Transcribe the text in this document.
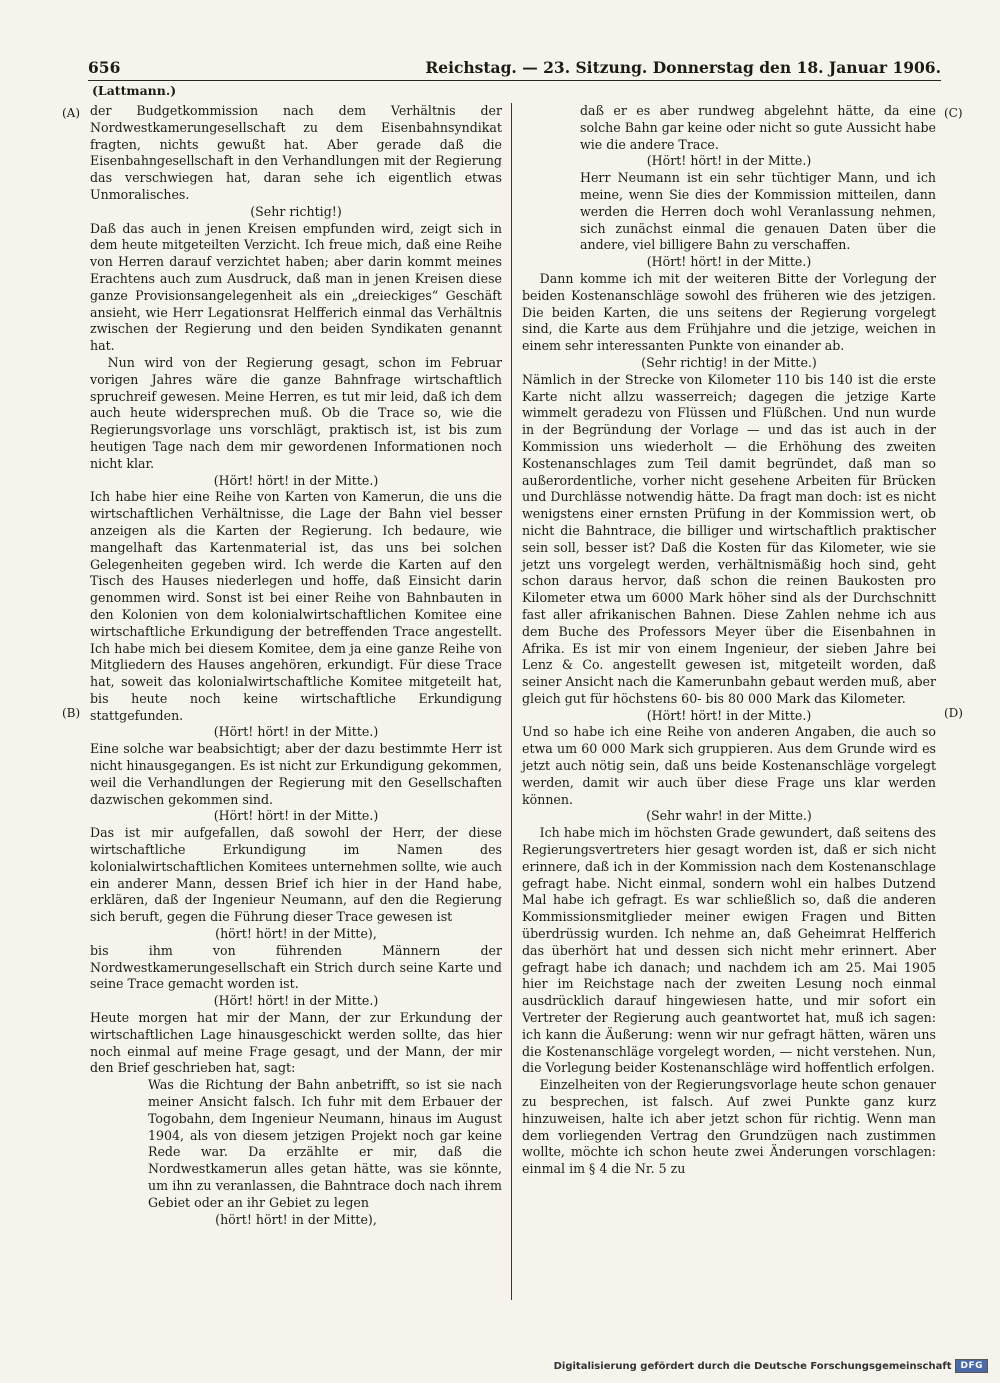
656	Reichstag. — 23. Sitzung. Donnerstag den 18. Januar 1906.
(Lattmann.)
(A)
(B)
(C)
(D)

der Budgetkommission nach dem Verhältnis der Nordwestkamerungesellschaft zu dem Eisenbahnsyndikat fragten, nichts gewußt hat. Aber gerade daß die Eisenbahngesellschaft in den Verhandlungen mit der Regierung das verschwiegen hat, daran sehe ich eigentlich etwas Unmoralisches.

(Sehr richtig!)

Daß das auch in jenen Kreisen empfunden wird, zeigt sich in dem heute mitgeteilten Verzicht. Ich freue mich, daß eine Reihe von Herren darauf verzichtet haben; aber darin kommt meines Erachtens auch zum Ausdruck, daß man in jenen Kreisen diese ganze Provisionsangelegenheit als ein „dreieckiges“ Geschäft ansieht, wie Herr Legationsrat Helfferich einmal das Verhältnis zwischen der Regierung und den beiden Syndikaten genannt hat.

Nun wird von der Regierung gesagt, schon im Februar vorigen Jahres wäre die ganze Bahnfrage wirtschaftlich spruchreif gewesen. Meine Herren, es tut mir leid, daß ich dem auch heute widersprechen muß. Ob die Trace so, wie die Regierungsvorlage uns vorschlägt, praktisch ist, ist bis zum heutigen Tage nach dem mir gewordenen Informationen noch nicht klar.

(Hört! hört! in der Mitte.)

Ich habe hier eine Reihe von Karten von Kamerun, die uns die wirtschaftlichen Verhältnisse, die Lage der Bahn viel besser anzeigen als die Karten der Regierung. Ich bedaure, wie mangelhaft das Kartenmaterial ist, das uns bei solchen Gelegenheiten gegeben wird. Ich werde die Karten auf den Tisch des Hauses niederlegen und hoffe, daß Einsicht darin genommen wird. Sonst ist bei einer Reihe von Bahnbauten in den Kolonien von dem kolonialwirtschaftlichen Komitee eine wirtschaftliche Erkundigung der betreffenden Trace angestellt. Ich habe mich bei diesem Komitee, dem ja eine ganze Reihe von Mitgliedern des Hauses angehören, erkundigt. Für diese Trace hat, soweit das kolonialwirtschaftliche Komitee mitgeteilt hat, bis heute noch keine wirtschaftliche Erkundigung stattgefunden.

(Hört! hört! in der Mitte.)

Eine solche war beabsichtigt; aber der dazu bestimmte Herr ist nicht hinausgegangen. Es ist nicht zur Erkundigung gekommen, weil die Verhandlungen der Regierung mit den Gesellschaften dazwischen gekommen sind.

(Hört! hört! in der Mitte.)

Das ist mir aufgefallen, daß sowohl der Herr, der diese wirtschaftliche Erkundigung im Namen des kolonialwirtschaftlichen Komitees unternehmen sollte, wie auch ein anderer Mann, dessen Brief ich hier in der Hand habe, erklären, daß der Ingenieur Neumann, auf den die Regierung sich beruft, gegen die Führung dieser Trace gewesen ist

(hört! hört! in der Mitte),

bis ihm von führenden Männern der Nordwestkamerungesellschaft ein Strich durch seine Karte und seine Trace gemacht worden ist.

(Hört! hört! in der Mitte.)

Heute morgen hat mir der Mann, der zur Erkundung der wirtschaftlichen Lage hinausgeschickt werden sollte, das hier noch einmal auf meine Frage gesagt, und der Mann, der mir den Brief geschrieben hat, sagt:

Was die Richtung der Bahn anbetrifft, so ist sie nach meiner Ansicht falsch. Ich fuhr mit dem Erbauer der Togobahn, dem Ingenieur Neumann, hinaus im August 1904, als von diesem jetzigen Projekt noch gar keine Rede war. Da erzählte er mir, daß die Nordwestkamerun alles getan hätte, was sie könnte, um ihn zu veranlassen, die Bahntrace doch nach ihrem Gebiet oder an ihr Gebiet zu legen

(hört! hört! in der Mitte),

daß er es aber rundweg abgelehnt hätte, da eine solche Bahn gar keine oder nicht so gute Aussicht habe wie die andere Trace.

(Hört! hört! in der Mitte.)

Herr Neumann ist ein sehr tüchtiger Mann, und ich meine, wenn Sie dies der Kommission mitteilen, dann werden die Herren doch wohl Veranlassung nehmen, sich zunächst einmal die genauen Daten über die andere, viel billigere Bahn zu verschaffen.

(Hört! hört! in der Mitte.)

Dann komme ich mit der weiteren Bitte der Vorlegung der beiden Kostenanschläge sowohl des früheren wie des jetzigen. Die beiden Karten, die uns seitens der Regierung vorgelegt sind, die Karte aus dem Frühjahre und die jetzige, weichen in einem sehr interessanten Punkte von einander ab.

(Sehr richtig! in der Mitte.)

Nämlich in der Strecke von Kilometer 110 bis 140 ist die erste Karte nicht allzu wasserreich; dagegen die jetzige Karte wimmelt geradezu von Flüssen und Flüßchen. Und nun wurde in der Begründung der Vorlage — und das ist auch in der Kommission uns wiederholt — die Erhöhung des zweiten Kostenanschlages zum Teil damit begründet, daß man so außerordentliche, vorher nicht gesehene Arbeiten für Brücken und Durchlässe notwendig hätte. Da fragt man doch: ist es nicht wenigstens einer ernsten Prüfung in der Kommission wert, ob nicht die Bahntrace, die billiger und wirtschaftlich praktischer sein soll, besser ist? Daß die Kosten für das Kilometer, wie sie jetzt uns vorgelegt werden, verhältnismäßig hoch sind, geht schon daraus hervor, daß schon die reinen Baukosten pro Kilometer etwa um 6000 Mark höher sind als der Durchschnitt fast aller afrikanischen Bahnen. Diese Zahlen nehme ich aus dem Buche des Professors Meyer über die Eisenbahnen in Afrika. Es ist mir von einem Ingenieur, der sieben Jahre bei Lenz & Co. angestellt gewesen ist, mitgeteilt worden, daß seiner Ansicht nach die Kamerunbahn gebaut werden muß, aber gleich gut für höchstens 60- bis 80 000 Mark das Kilometer.

(Hört! hört! in der Mitte.)

Und so habe ich eine Reihe von anderen Angaben, die auch so etwa um 60 000 Mark sich gruppieren. Aus dem Grunde wird es jetzt auch nötig sein, daß uns beide Kostenanschläge vorgelegt werden, damit wir auch über diese Frage uns klar werden können.

(Sehr wahr! in der Mitte.)

Ich habe mich im höchsten Grade gewundert, daß seitens des Regierungsvertreters hier gesagt worden ist, daß er sich nicht erinnere, daß ich in der Kommission nach dem Kostenanschlage gefragt habe. Nicht einmal, sondern wohl ein halbes Dutzend Mal habe ich gefragt. Es war schließlich so, daß die anderen Kommissionsmitglieder meiner ewigen Fragen und Bitten überdrüssig wurden. Ich nehme an, daß Geheimrat Helfferich das überhört hat und dessen sich nicht mehr erinnert. Aber gefragt habe ich danach; und nachdem ich am 25. Mai 1905 hier im Reichstage nach der zweiten Lesung noch einmal ausdrücklich darauf hingewiesen hatte, und mir sofort ein Vertreter der Regierung auch geantwortet hat, muß ich sagen: ich kann die Äußerung: wenn wir nur gefragt hätten, wären uns die Kostenanschläge vorgelegt worden, — nicht verstehen. Nun, die Vorlegung beider Kostenanschläge wird hoffentlich erfolgen.

Einzelheiten von der Regierungsvorlage heute schon genauer zu besprechen, ist falsch. Auf zwei Punkte ganz kurz hinzuweisen, halte ich aber jetzt schon für richtig. Wenn man dem vorliegenden Vertrag den Grundzügen nach zustimmen wollte, möchte ich schon heute zwei Änderungen vorschlagen: einmal im § 4 die Nr. 5 zu

Digitalisierung gefördert durch die Deutsche Forschungsgemeinschaft	DFG
